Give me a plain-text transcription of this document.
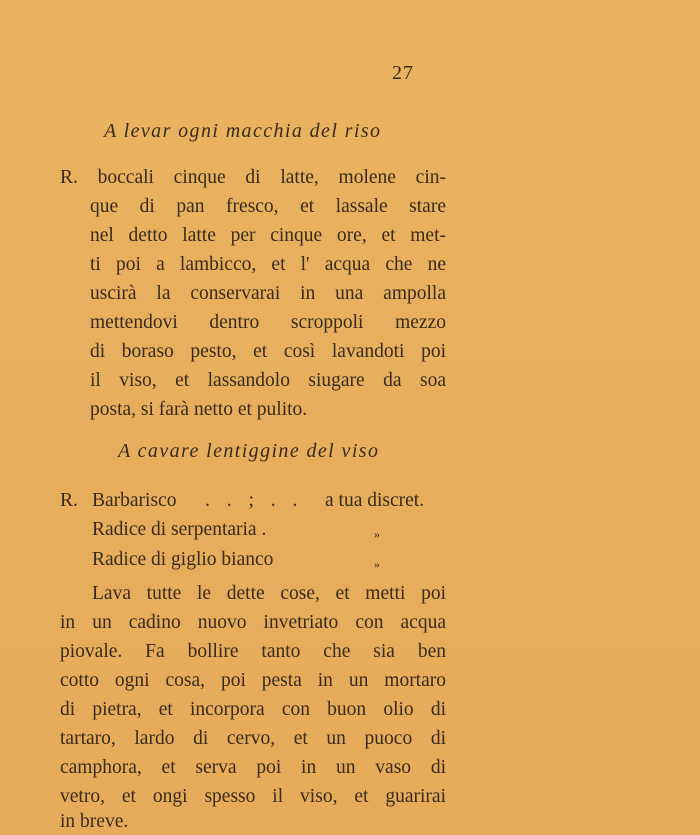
27
A levar ogni macchia del riso
R. boccali cinque di latte, molene cin-
que di pan fresco, et lassale stare
nel detto latte per cinque ore, et met-
ti poi a lambicco, et l' acqua che ne
uscirà la conservarai in una ampolla
mettendovi dentro scroppoli mezzo
di boraso pesto, et così lavandoti poi
il viso, et lassandolo siugare da soa
posta, si farà netto et pulito.
A cavare lentiggine del viso
R. Barbarisco . . ; . . a tua discret.
Radice di serpentaria .	»
Radice di giglio bianco	»
Lava tutte le dette cose, et metti poi
in un cadino nuovo invetriato con acqua
piovale. Fa bollire tanto che sia ben
cotto ogni cosa, poi pesta in un mortaro
di pietra, et incorpora con buon olio di
tartaro, lardo di cervo, et un puoco di
camphora, et serva poi in un vaso di
vetro, et ongi spesso il viso, et guarirai
in breve.
